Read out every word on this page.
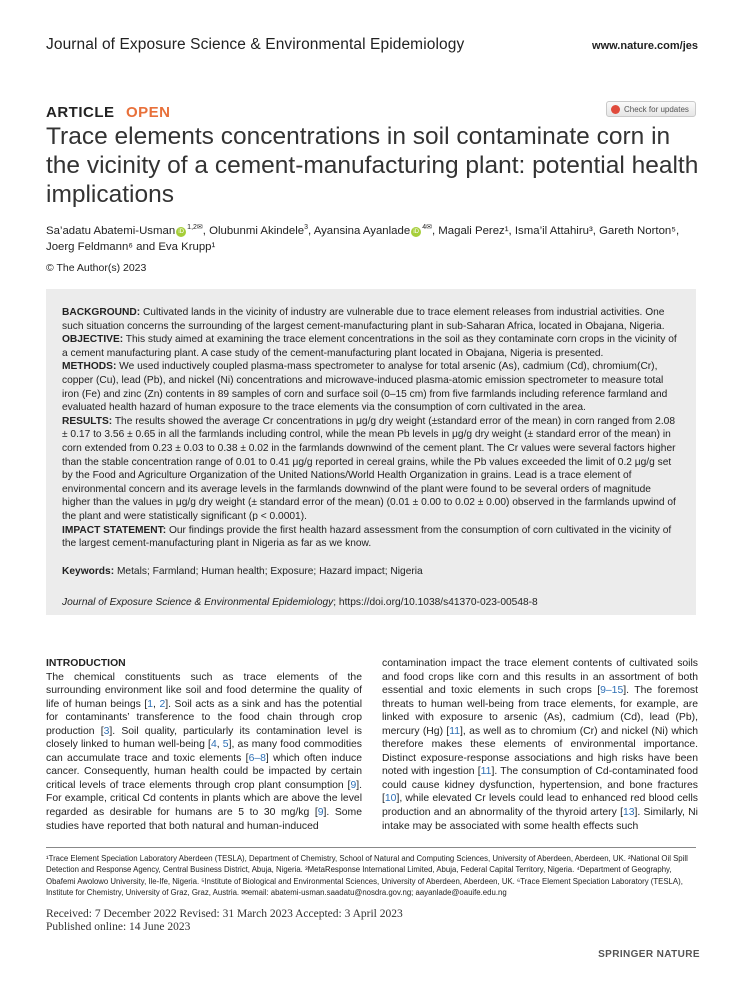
Journal of Exposure Science & Environmental Epidemiology	www.nature.com/jes
ARTICLE OPEN	Check for updates
Trace elements concentrations in soil contaminate corn in the vicinity of a cement-manufacturing plant: potential health implications
Sa’adatu Abatemi-Usman $iD^{1,2✉}$, Olubunmi Akindele$^3$, Ayansina Ayanlade $iD^{4✉}$, Magali Perez¹, Isma’il Attahiru³, Gareth Norton⁵, Joerg Feldmann⁶ and Eva Krupp¹
© The Author(s) 2023

BACKGROUND: Cultivated lands in the vicinity of industry are vulnerable due to trace element releases from industrial activities. One such situation concerns the surrounding of the largest cement-manufacturing plant in sub-Saharan Africa, located in Obajana, Nigeria.

OBJECTIVE: This study aimed at examining the trace element concentrations in the soil as they contaminate corn crops in the vicinity of a cement manufacturing plant. A case study of the cement-manufacturing plant located in Obajana, Nigeria is presented.

METHODS: We used inductively coupled plasma-mass spectrometer to analyse for total arsenic (As), cadmium (Cd), chromium(Cr), copper (Cu), lead (Pb), and nickel (Ni) concentrations and microwave-induced plasma-atomic emission spectrometer to measure total iron (Fe) and zinc (Zn) contents in 89 samples of corn and surface soil (0–15 cm) from five farmlands including reference farmland and evaluated health hazard of human exposure to the trace elements via the consumption of corn cultivated in the area.

RESULTS: The results showed the average Cr concentrations in μg/g dry weight (±standard error of the mean) in corn ranged from 2.08 ± 0.17 to 3.56 ± 0.65 in all the farmlands including control, while the mean Pb levels in μg/g dry weight (± standard error of the mean) in corn extended from 0.23 ± 0.03 to 0.38 ± 0.02 in the farmlands downwind of the cement plant. The Cr values were several factors higher than the stable concentration range of 0.01 to 0.41 μg/g reported in cereal grains, while the Pb values exceeded the limit of 0.2 μg/g set by the Food and Agriculture Organization of the United Nations/World Health Organization in grains. Lead is a trace element of environmental concern and its average levels in the farmlands downwind of the plant were found to be several orders of magnitude higher than the values in μg/g dry weight (± standard error of the mean) (0.01 ± 0.00 to 0.02 ± 0.00) observed in the farmlands upwind of the plant and were statistically significant (p < 0.0001).

IMPACT STATEMENT: Our findings provide the first health hazard assessment from the consumption of corn cultivated in the vicinity of the largest cement-manufacturing plant in Nigeria as far as we know.

Keywords: Metals; Farmland; Human health; Exposure; Hazard impact; Nigeria
Journal of Exposure Science & Environmental Epidemiology; https://doi.org/10.1038/s41370-023-00548-8
INTRODUCTION

The chemical constituents such as trace elements of the surrounding environment like soil and food determine the quality of life of human beings [1, 2]. Soil acts as a sink and has the potential for contaminants’ transference to the food chain through crop production [3]. Soil quality, particularly its contamination level is closely linked to human well-being [4, 5], as many food commodities can accumulate trace and toxic elements [6–8] which often induce cancer. Consequently, human health could be impacted by certain critical levels of trace elements through crop plant consumption [9]. For example, critical Cd contents in plants which are above the level regarded as desirable for humans are 5 to 30 mg/kg [9]. Some studies have reported that both natural and human-induced

contamination impact the trace element contents of cultivated soils and food crops like corn and this results in an assortment of both essential and toxic elements in such crops [9–15]. The foremost threats to human well-being from trace elements, for example, are linked with exposure to arsenic (As), cadmium (Cd), lead (Pb), mercury (Hg) [11], as well as to chromium (Cr) and nickel (Ni) which therefore makes these elements of environmental importance. Distinct exposure-response associations and high risks have been noted with ingestion [11]. The consumption of Cd-contaminated food could cause kidney dysfunction, hypertension, and bone fractures [10], while elevated Cr levels could lead to enhanced red blood cells production and an abnormality of the thyroid artery [13]. Similarly, Ni intake may be associated with some health effects such

¹Trace Element Speciation Laboratory Aberdeen (TESLA), Department of Chemistry, School of Natural and Computing Sciences, University of Aberdeen, Aberdeen, UK. ²National Oil Spill Detection and Response Agency, Central Business District, Abuja, Nigeria. ³MetaResponse International Limited, Abuja, Federal Capital Territory, Nigeria. ⁴Department of Geography, Obafemi Awolowo University, Ile-Ife, Nigeria. ⁵Institute of Biological and Environmental Sciences, University of Aberdeen, Aberdeen, UK. ⁶Trace Element Speciation Laboratory (TESLA), Institute for Chemistry, University of Graz, Graz, Austria. ✉email: abatemi-usman.saadatu@nosdra.gov.ng; aayanlade@oauife.edu.ng
Received: 7 December 2022 Revised: 31 March 2023 Accepted: 3 April 2023
Published online: 14 June 2023
SPRINGER NATURE
